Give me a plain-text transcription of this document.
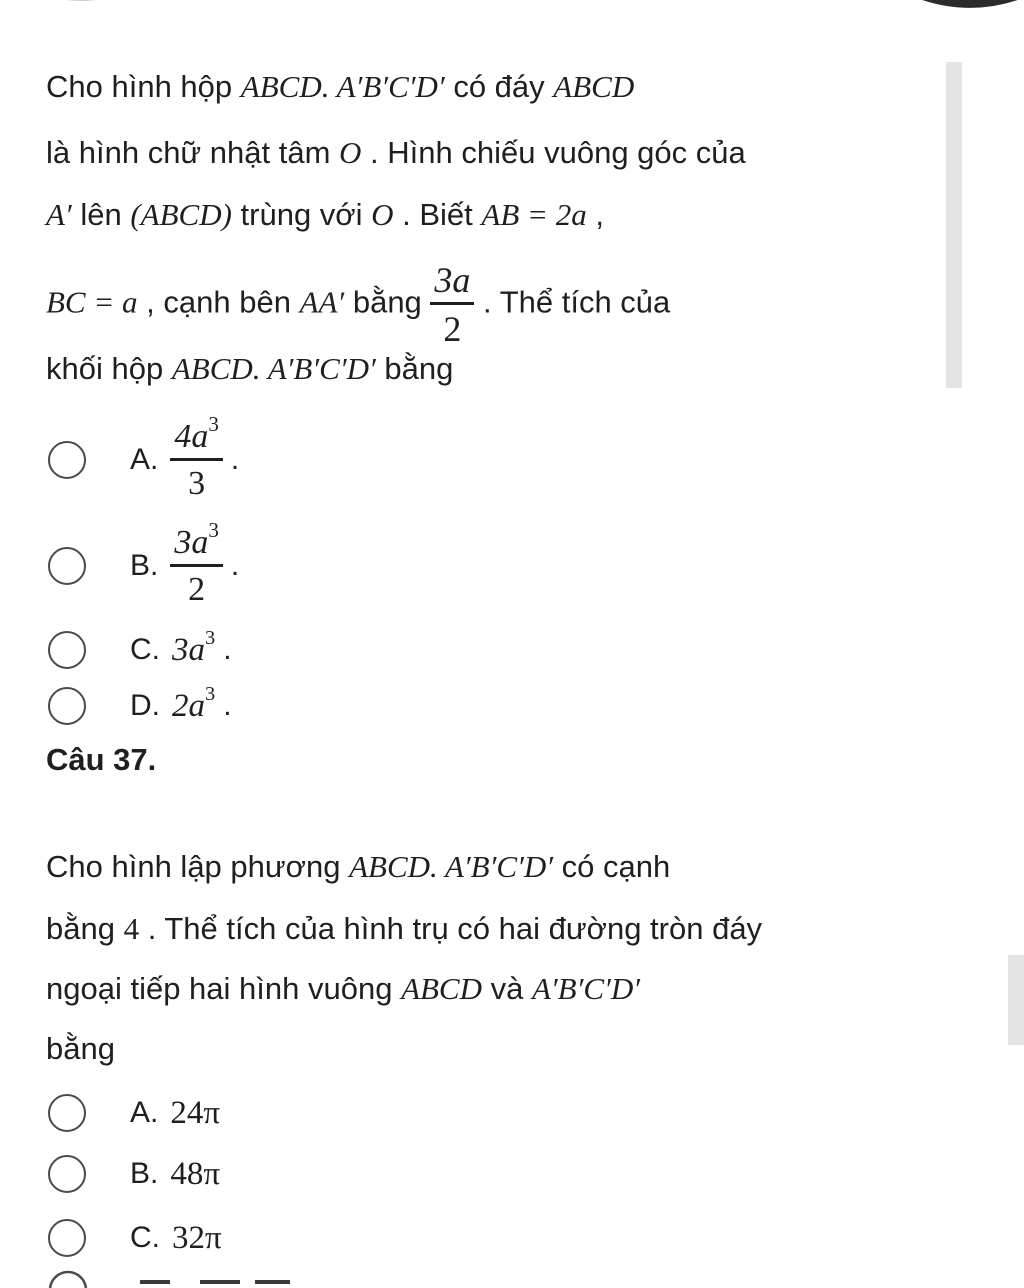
Cho hình hộp ABCD. A′B′C′D′ có đáy ABCD

là hình chữ nhật tâm O . Hình chiếu vuông góc của

A′ lên (ABCD) trùng với O . Biết AB = 2a ,

BC = a , cạnh bên AA′ bằng $\frac{3a}{2}$ . Thể tích của

khối hộp ABCD. A′B′C′D′ bằng

A. $\frac{4a^3}{3}$ .
B. $\frac{3a^3}{2}$ .
C. $3a^3$ .
D. $2a^3$ .
Câu 37.

Cho hình lập phương ABCD. A′B′C′D′ có cạnh

bằng 4 . Thể tích của hình trụ có hai đường tròn đáy

ngoại tiếp hai hình vuông ABCD và A′B′C′D′

bằng

A. 24π
B. 48π
C. 32π
